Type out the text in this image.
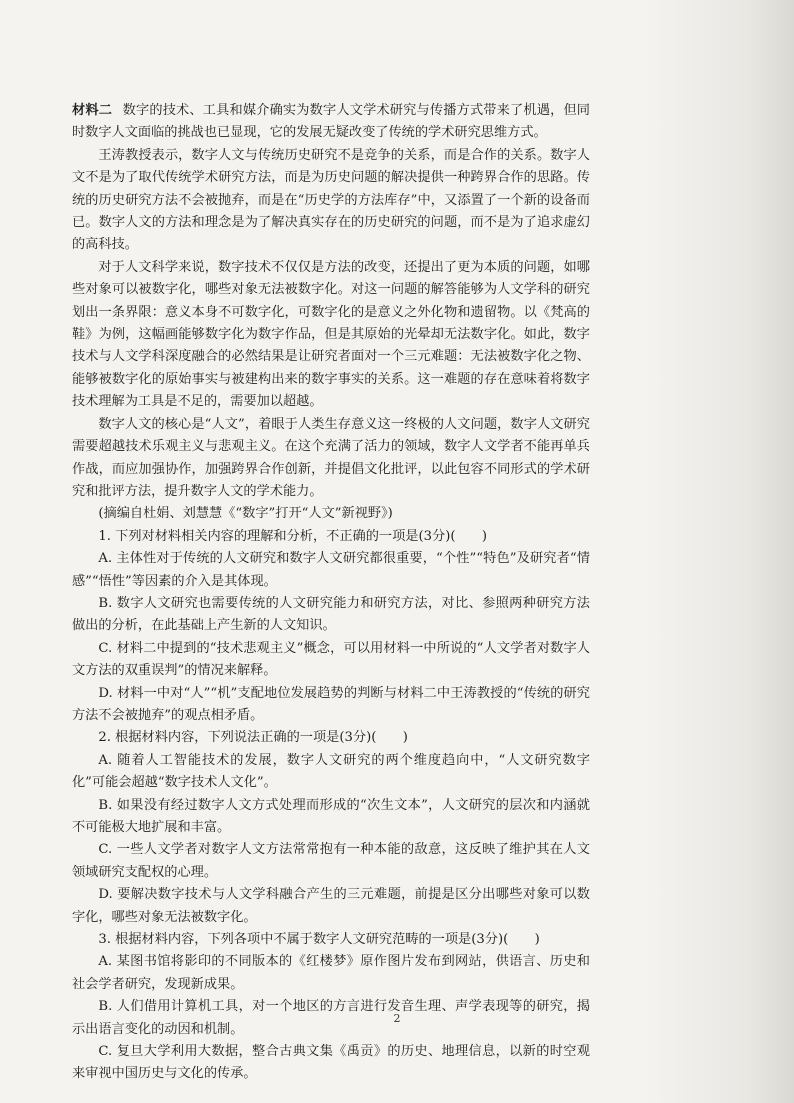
材料二 数字的技术、工具和媒介确实为数字人文学术研究与传播方式带来了机遇，但同时数字人文面临的挑战也已显现，它的发展无疑改变了传统的学术研究思维方式。

王涛教授表示，数字人文与传统历史研究不是竞争的关系，而是合作的关系。数字人文不是为了取代传统学术研究方法，而是为历史问题的解决提供一种跨界合作的思路。传统的历史研究方法不会被抛弃，而是在“历史学的方法库存”中，又添置了一个新的设备而已。数字人文的方法和理念是为了解决真实存在的历史研究的问题，而不是为了追求虚幻的高科技。

对于人文科学来说，数字技术不仅仅是方法的改变，还提出了更为本质的问题，如哪些对象可以被数字化，哪些对象无法被数字化。对这一问题的解答能够为人文学科的研究划出一条界限：意义本身不可数字化，可数字化的是意义之外化物和遗留物。以《梵高的鞋》为例，这幅画能够数字化为数字作品，但是其原始的光晕却无法数字化。如此，数字技术与人文学科深度融合的必然结果是让研究者面对一个三元难题：无法被数字化之物、能够被数字化的原始事实与被建构出来的数字事实的关系。这一难题的存在意味着将数字技术理解为工具是不足的，需要加以超越。

数字人文的核心是“人文”，着眼于人类生存意义这一终极的人文问题，数字人文研究需要超越技术乐观主义与悲观主义。在这个充满了活力的领域，数字人文学者不能再单兵作战，而应加强协作，加强跨界合作创新，并提倡文化批评，以此包容不同形式的学术研究和批评方法，提升数字人文的学术能力。

(摘编自杜娟、刘慧慧《“数字”打开“人文”新视野》)

1. 下列对材料相关内容的理解和分析，不正确的一项是(3分)(　　)

A. 主体性对于传统的人文研究和数字人文研究都很重要，“个性”“特色”及研究者“情感”“悟性”等因素的介入是其体现。

B. 数字人文研究也需要传统的人文研究能力和研究方法，对比、参照两种研究方法做出的分析，在此基础上产生新的人文知识。

C. 材料二中提到的“技术悲观主义”概念，可以用材料一中所说的“人文学者对数字人文方法的双重误判”的情况来解释。

D. 材料一中对“人”“机”支配地位发展趋势的判断与材料二中王涛教授的“传统的研究方法不会被抛弃”的观点相矛盾。

2. 根据材料内容，下列说法正确的一项是(3分)(　　)

A. 随着人工智能技术的发展，数字人文研究的两个维度趋向中，“人文研究数字化”可能会超越“数字技术人文化”。

B. 如果没有经过数字人文方式处理而形成的“次生文本”，人文研究的层次和内涵就不可能极大地扩展和丰富。

C. 一些人文学者对数字人文方法常常抱有一种本能的敌意，这反映了维护其在人文领域研究支配权的心理。

D. 要解决数字技术与人文学科融合产生的三元难题，前提是区分出哪些对象可以数字化，哪些对象无法被数字化。

3. 根据材料内容，下列各项中不属于数字人文研究范畴的一项是(3分)(　　)

A. 某图书馆将影印的不同版本的《红楼梦》原作图片发布到网站，供语言、历史和社会学者研究，发现新成果。

B. 人们借用计算机工具，对一个地区的方言进行发音生理、声学表现等的研究，揭示出语言变化的动因和机制。

C. 复旦大学利用大数据，整合古典文集《禹贡》的历史、地理信息，以新的时空观来审视中国历史与文化的传承。

2
